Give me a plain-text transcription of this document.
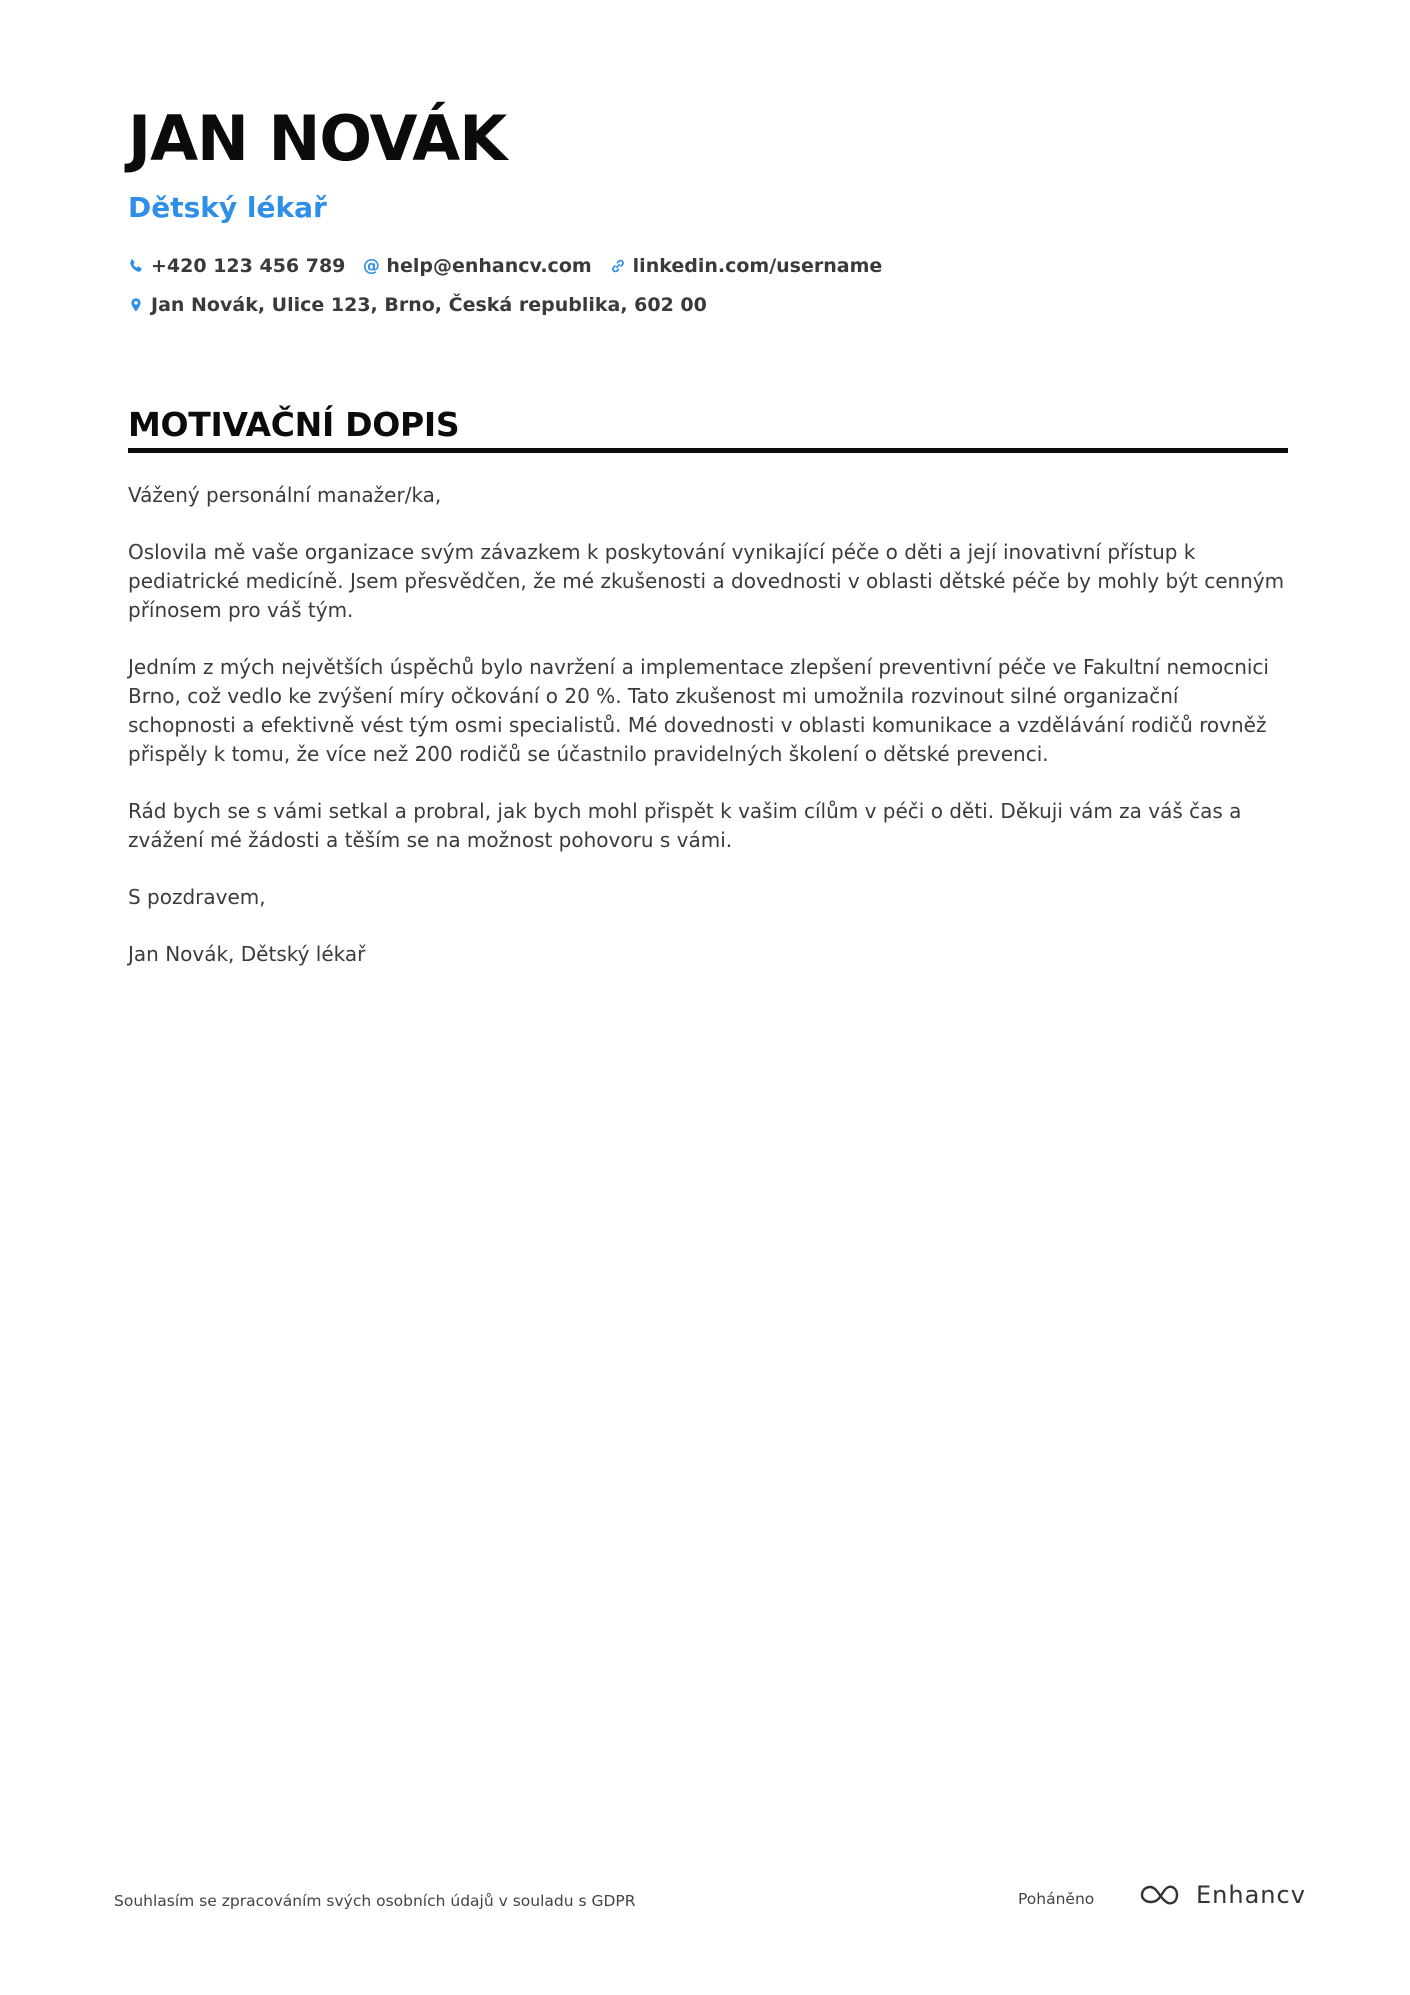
JAN NOVÁK
Dětský lékař
+420 123 456 789 @ help@enhancv.com linkedin.com/username
Jan Novák, Ulice 123, Brno, Česká republika, 602 00
MOTIVAČNÍ DOPIS

Vážený personální manažer/ka,

Oslovila mě vaše organizace svým závazkem k poskytování vynikající péče o děti a její inovativní přístup k pediatrické medicíně. Jsem přesvědčen, že mé zkušenosti a dovednosti v oblasti dětské péče by mohly být cenným přínosem pro váš tým.

Jedním z mých největších úspěchů bylo navržení a implementace zlepšení preventivní péče ve Fakultní nemocnici Brno, což vedlo ke zvýšení míry očkování o 20 %. Tato zkušenost mi umožnila rozvinout silné organizační schopnosti a efektivně vést tým osmi specialistů. Mé dovednosti v oblasti komunikace a vzdělávání rodičů rovněž přispěly k tomu, že více než 200 rodičů se účastnilo pravidelných školení o dětské prevenci.

Rád bych se s vámi setkal a probral, jak bych mohl přispět k vašim cílům v péči o děti. Děkuji vám za váš čas a zvážení mé žádosti a těším se na možnost pohovoru s vámi.

S pozdravem,

Jan Novák, Dětský lékař

Souhlasím se zpracováním svých osobních údajů v souladu s GDPR	Poháněno	Enhancv
